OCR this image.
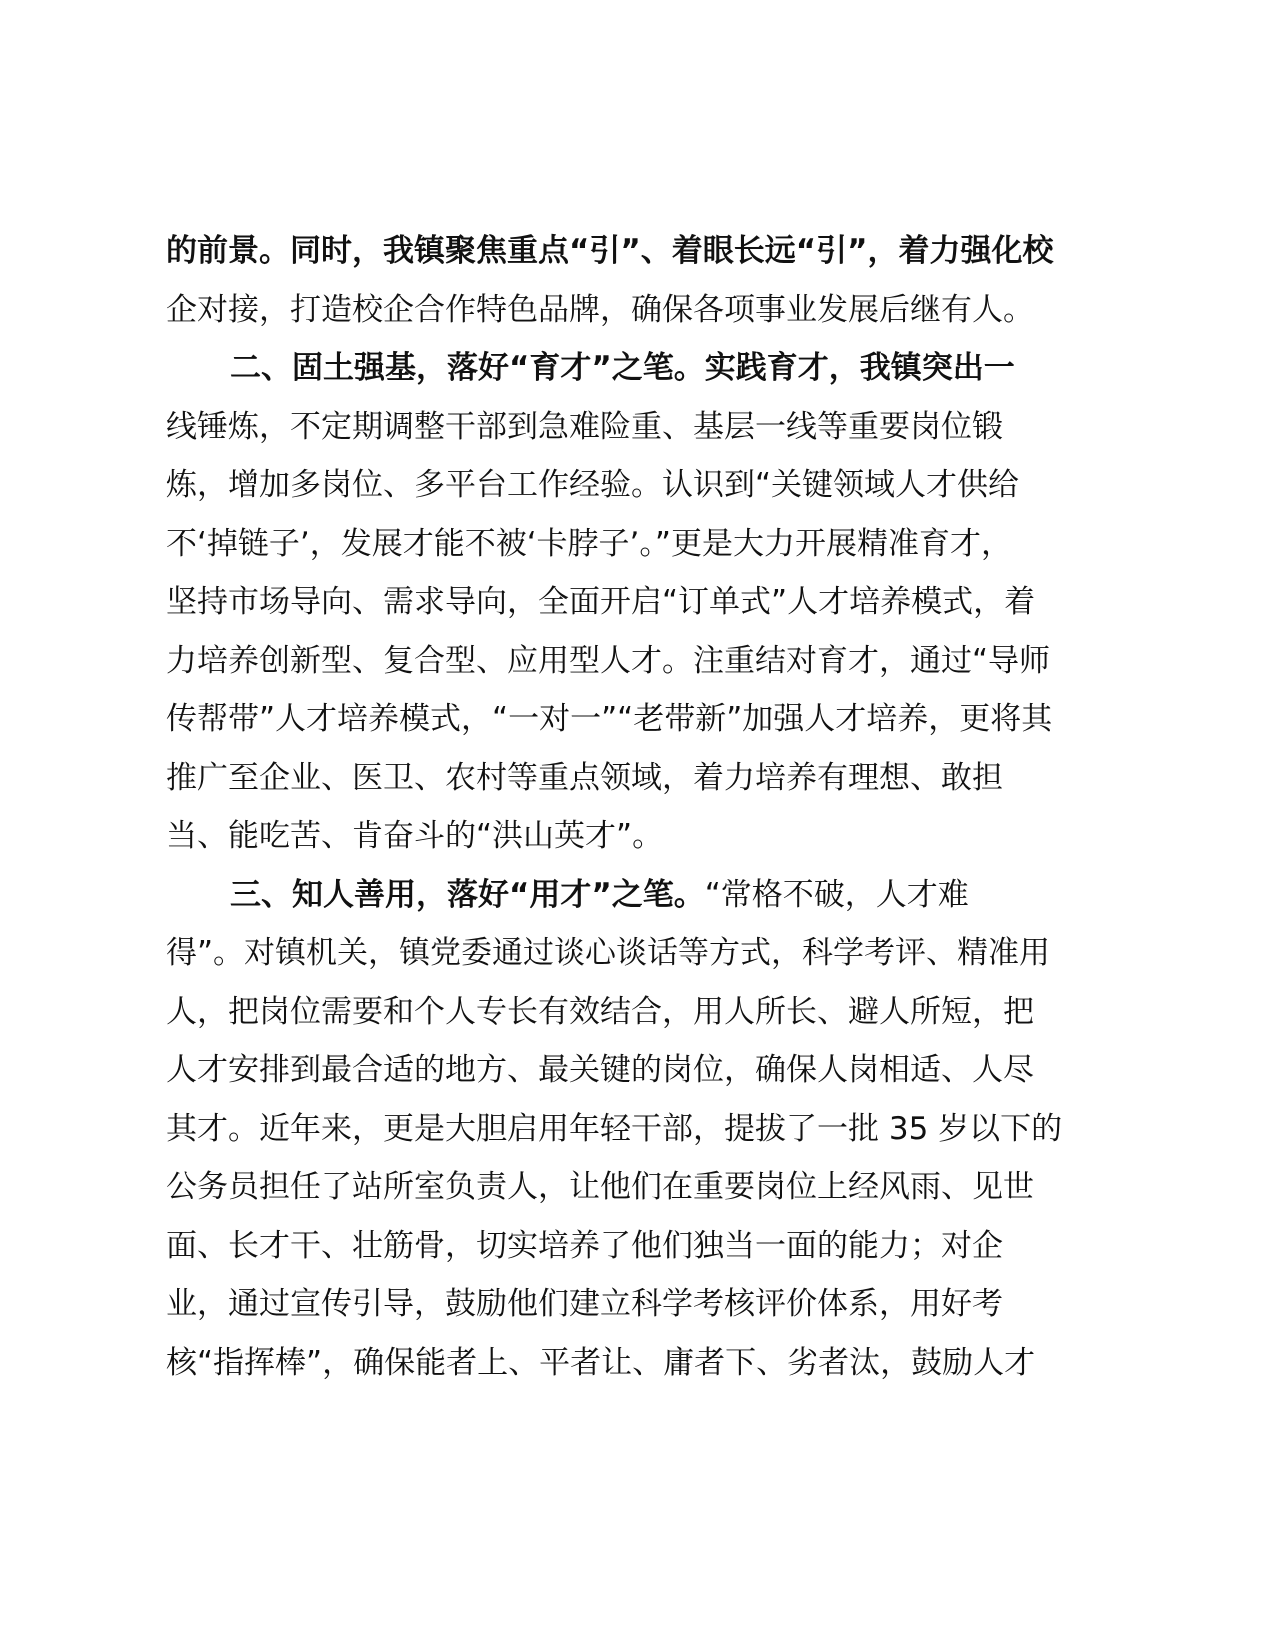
的前景。同时，我镇聚焦重点“引”、着眼长远“引”，着力强化校
企对接，打造校企合作特色品牌，确保各项事业发展后继有人。
二、固土强基，落好“育才”之笔。实践育才，我镇突出一
线锤炼，不定期调整干部到急难险重、基层一线等重要岗位锻
炼，增加多岗位、多平台工作经验。认识到“关键领域人才供给
不‘掉链子’，发展才能不被‘卡脖子’。”更是大力开展精准育才，
坚持市场导向、需求导向，全面开启“订单式”人才培养模式，着
力培养创新型、复合型、应用型人才。注重结对育才，通过“导师
传帮带”人才培养模式，“一对一”“老带新”加强人才培养，更将其
推广至企业、医卫、农村等重点领域，着力培养有理想、敢担
当、能吃苦、肯奋斗的“洪山英才”。
三、知人善用，落好“用才”之笔。“常格不破，人才难
得”。对镇机关，镇党委通过谈心谈话等方式，科学考评、精准用
人，把岗位需要和个人专长有效结合，用人所长、避人所短，把
人才安排到最合适的地方、最关键的岗位，确保人岗相适、人尽
其才。近年来，更是大胆启用年轻干部，提拔了一批 35 岁以下的
公务员担任了站所室负责人，让他们在重要岗位上经风雨、见世
面、长才干、壮筋骨，切实培养了他们独当一面的能力；对企
业，通过宣传引导，鼓励他们建立科学考核评价体系，用好考
核“指挥棒”，确保能者上、平者让、庸者下、劣者汰，鼓励人才
